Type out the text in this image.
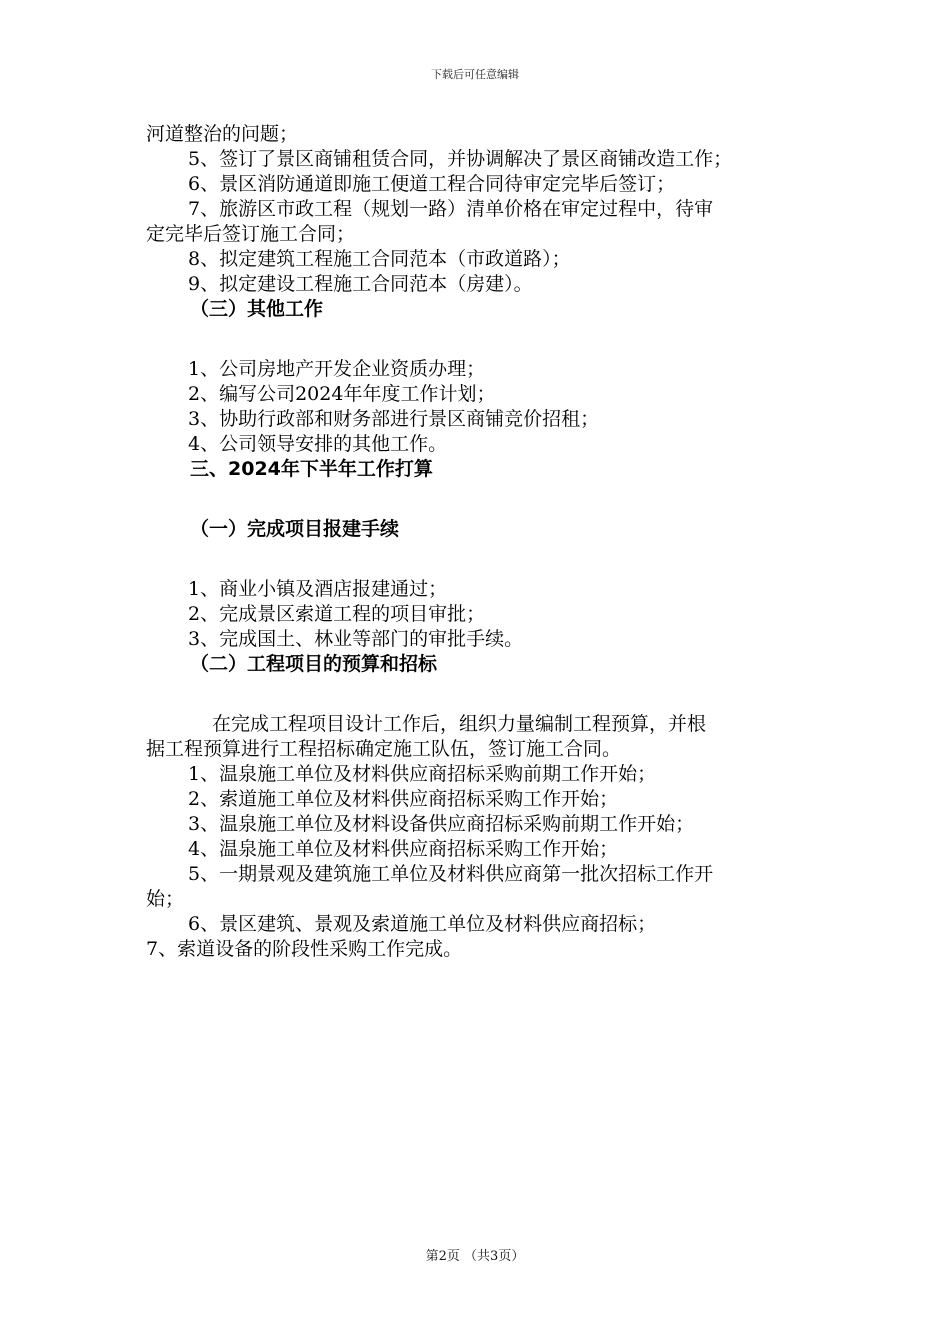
下载后可任意编辑
河道整治的问题；
5、签订了景区商铺租赁合同，并协调解决了景区商铺改造工作；
6、景区消防通道即施工便道工程合同待审定完毕后签订；
7、旅游区市政工程（规划一路）清单价格在审定过程中，待审
定完毕后签订施工合同；
8、拟定建筑工程施工合同范本（市政道路）；
9、拟定建设工程施工合同范本（房建）。
（三）其他工作
1、公司房地产开发企业资质办理；
2、编写公司2024年年度工作计划；
3、协助行政部和财务部进行景区商铺竞价招租；
4、公司领导安排的其他工作。
三、2024年下半年工作打算
（一）完成项目报建手续
1、商业小镇及酒店报建通过；
2、完成景区索道工程的项目审批；
3、完成国土、林业等部门的审批手续。
（二）工程项目的预算和招标
在完成工程项目设计工作后，组织力量编制工程预算，并根
据工程预算进行工程招标确定施工队伍，签订施工合同。
1、温泉施工单位及材料供应商招标采购前期工作开始；
2、索道施工单位及材料供应商招标采购工作开始；
3、温泉施工单位及材料设备供应商招标采购前期工作开始；
4、温泉施工单位及材料供应商招标采购工作开始；
5、一期景观及建筑施工单位及材料供应商第一批次招标工作开
始；
6、景区建筑、景观及索道施工单位及材料供应商招标；
7、索道设备的阶段性采购工作完成。
第2页 （共3页）
